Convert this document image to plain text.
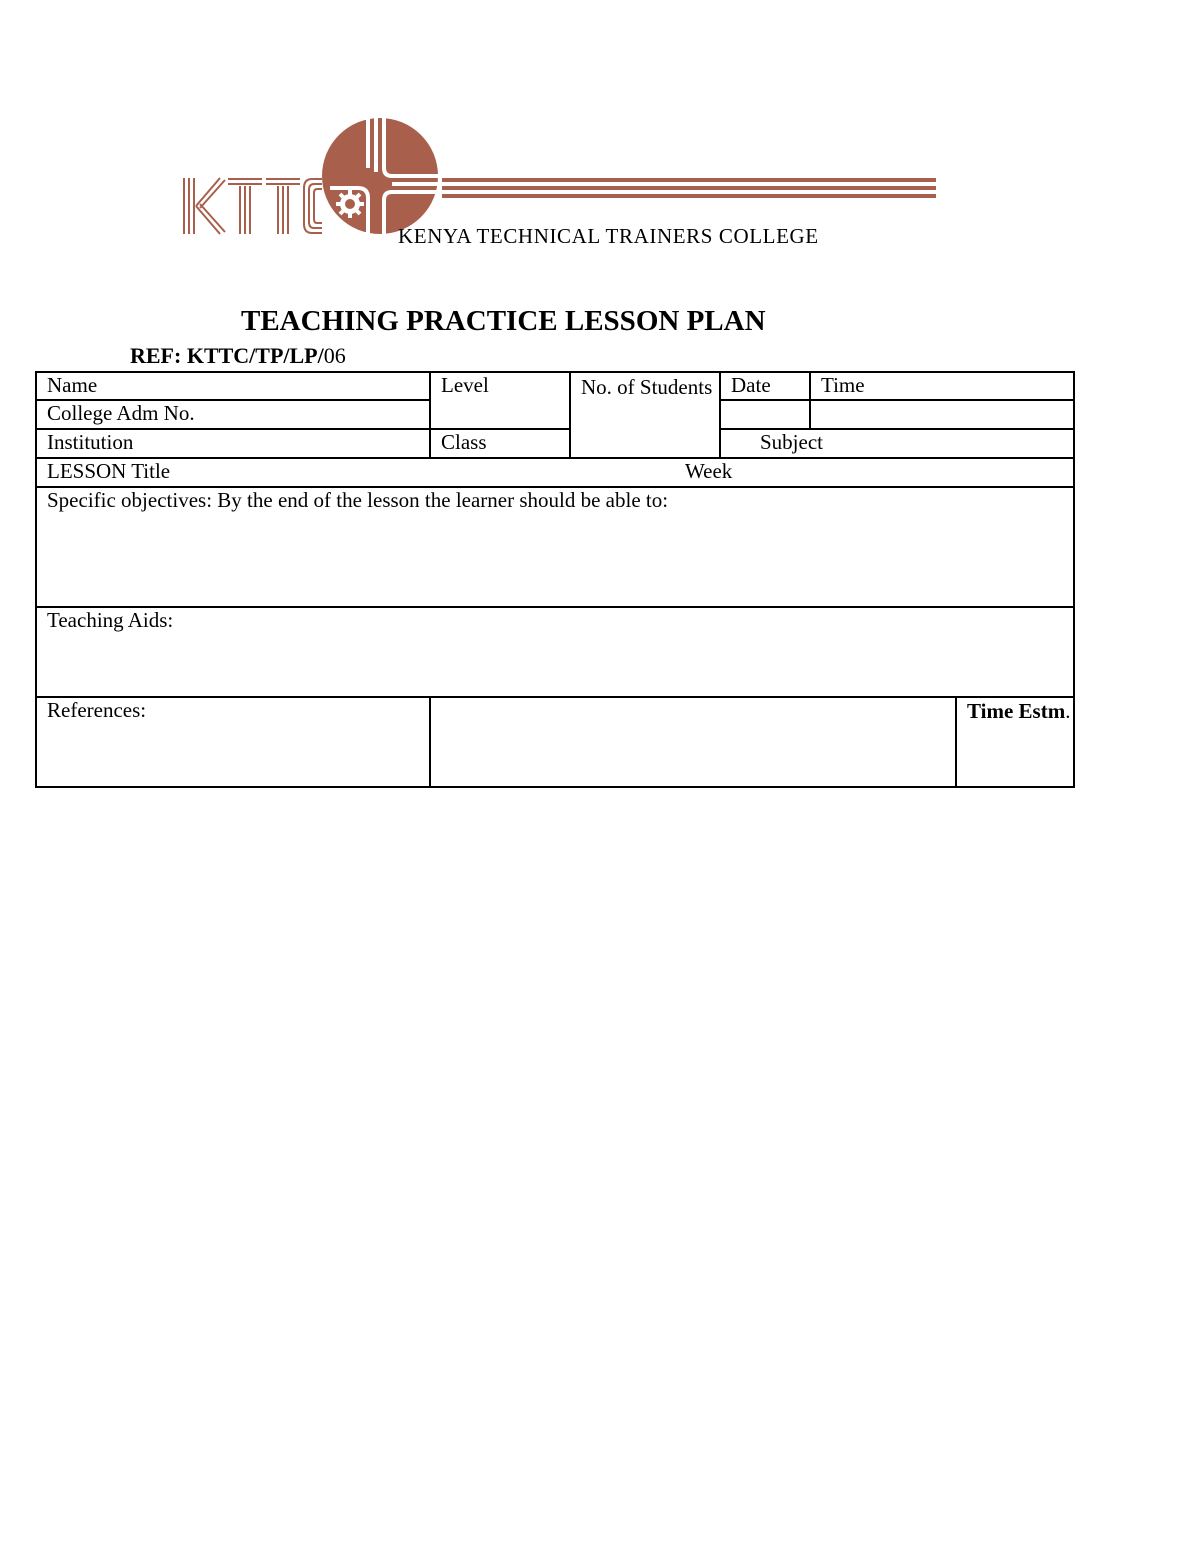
KENYA TECHNICAL TRAINERS COLLEGE
TEACHING PRACTICE LESSON PLAN
REF: KTTC/TP/LP/06
Name	Level	No. of Students	Date	Time	
College Adm No.					
Institution	Class		Subject		
LESSON Title Week					

Specific objectives: By the end of the lesson the learner should be able to:					
Teaching Aids:					
References:					Time Estm.
